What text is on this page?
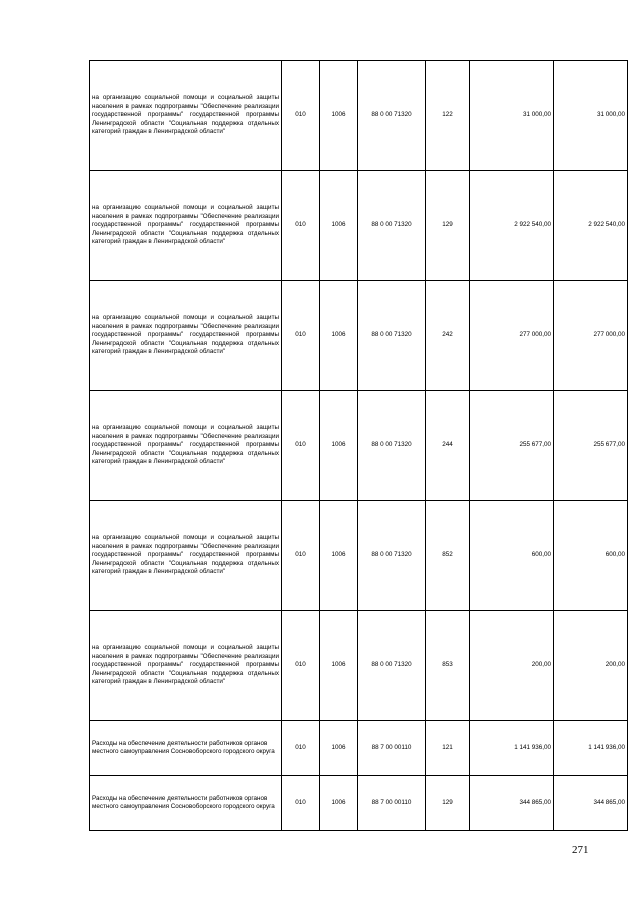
на организацию социальной помощи и социальной защиты населения в рамках подпрограммы "Обеспечение реализации государственной программы" государственной программы Ленинградской области "Социальная поддержка отдельных категорий граждан в Ленинградской области"	010	1006	88 0 00 71320	122	31 000,00	31 000,00
на организацию социальной помощи и социальной защиты населения в рамках подпрограммы "Обеспечение реализации государственной программы" государственной программы Ленинградской области "Социальная поддержка отдельных категорий граждан в Ленинградской области"	010	1006	88 0 00 71320	129	2 922 540,00	2 922 540,00
на организацию социальной помощи и социальной защиты населения в рамках подпрограммы "Обеспечение реализации государственной программы" государственной программы Ленинградской области "Социальная поддержка отдельных категорий граждан в Ленинградской области"	010	1006	88 0 00 71320	242	277 000,00	277 000,00
на организацию социальной помощи и социальной защиты населения в рамках подпрограммы "Обеспечение реализации государственной программы" государственной программы Ленинградской области "Социальная поддержка отдельных категорий граждан в Ленинградской области"	010	1006	88 0 00 71320	244	255 677,00	255 677,00
на организацию социальной помощи и социальной защиты населения в рамках подпрограммы "Обеспечение реализации государственной программы" государственной программы Ленинградской области "Социальная поддержка отдельных категорий граждан в Ленинградской области"	010	1006	88 0 00 71320	852	600,00	600,00
на организацию социальной помощи и социальной защиты населения в рамках подпрограммы "Обеспечение реализации государственной программы" государственной программы Ленинградской области "Социальная поддержка отдельных категорий граждан в Ленинградской области"	010	1006	88 0 00 71320	853	200,00	200,00
Расходы на обеспечение деятельности работников органов местного самоуправления Сосновоборского городского округа	010	1006	88 7 00 00110	121	1 141 936,00	1 141 936,00
Расходы на обеспечение деятельности работников органов местного самоуправления Сосновоборского городского округа	010	1006	88 7 00 00110	129	344 865,00	344 865,00
271
